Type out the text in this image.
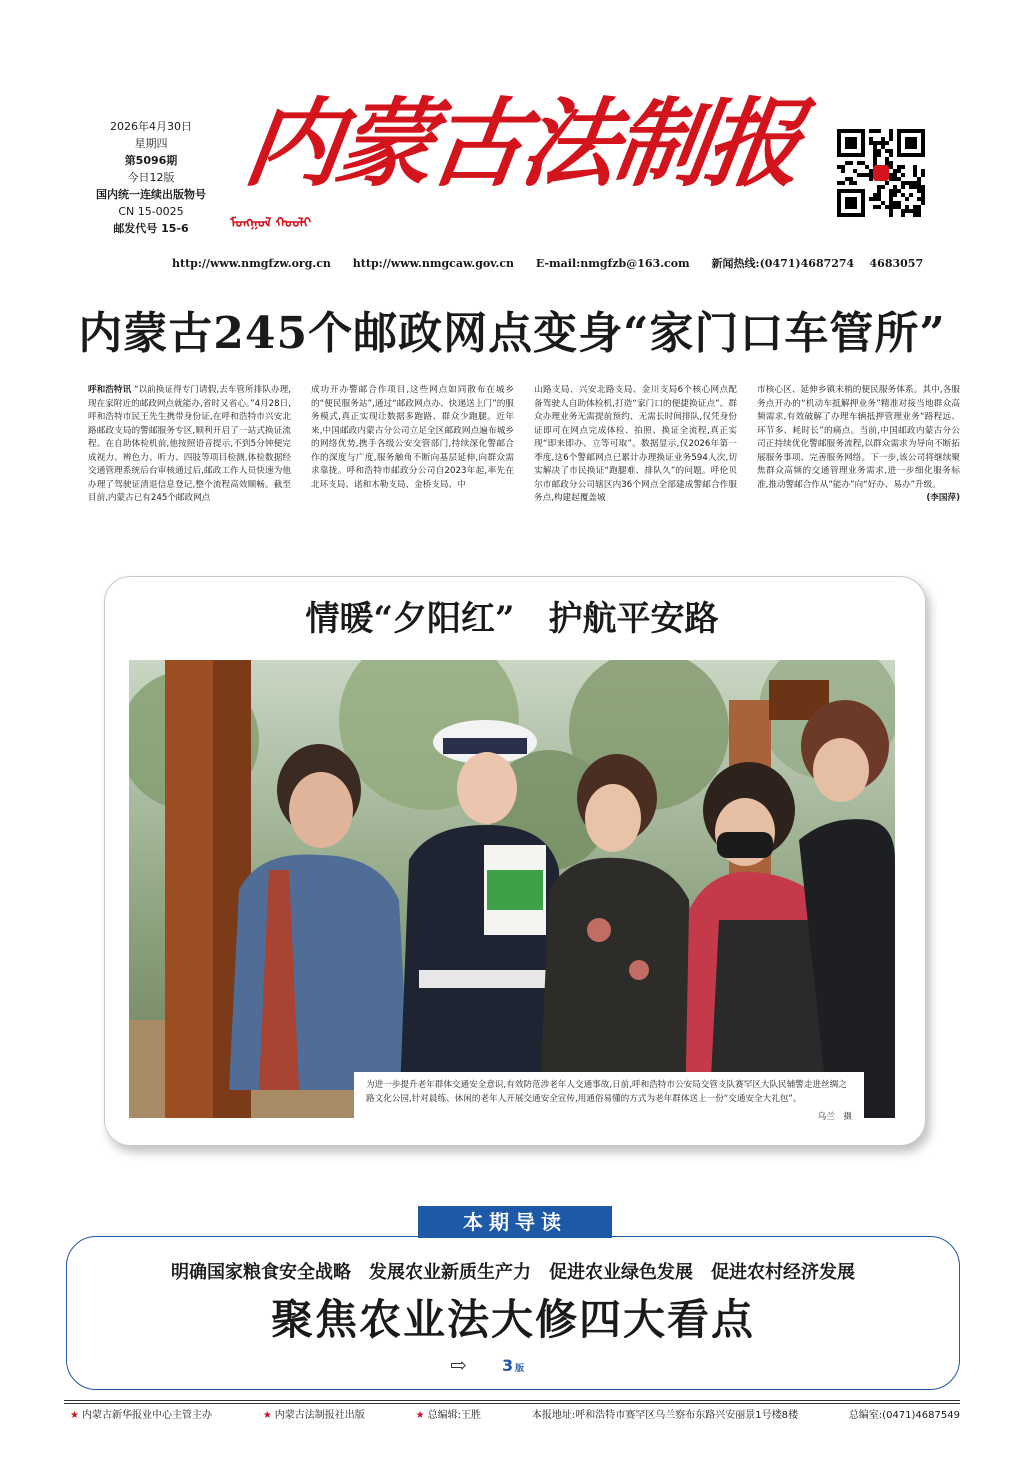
2026年4月30日
星期四
第5096期
今日12版
国内统一连续出版物号
CN 15-0025
邮发代号 15-6
内蒙古法制报
ᠮᠣᠩᠭᠣᠯ ᠬᠤᠤᠯᠢ
http://www.nmgfzw.org.cn http://www.nmgcaw.gov.cn E-mail:nmgfzb@163.com 新闻热线:(0471)4687274    4683057
内蒙古245个邮政网点变身“家门口车管所”
呼和浩特讯 “以前换证得专门请假,去车管所排队办理,现在家附近的邮政网点就能办,省时又省心。”4月28日,呼和浩特市民王先生携带身份证,在呼和浩特市兴安北路邮政支局的警邮服务专区,顺利开启了一站式换证流程。在自助体检机前,他按照语音提示,不到5分钟便完成视力、辨色力、听力、四肢等项目检测,体检数据经交通管理系统后台审核通过后,邮政工作人员快速为他办理了驾驶证清退信息登记,整个流程高效顺畅。截至目前,内蒙古已有245个邮政网点
成功开办警邮合作项目,这些网点如同散布在城乡的“便民服务站”,通过“邮政网点办、快递送上门”的服务模式,真正实现让数据多跑路、群众少跑腿。近年来,中国邮政内蒙古分公司立足全区邮政网点遍布城乡的网络优势,携手各级公安交管部门,持续深化警邮合作的深度与广度,服务触角不断向基层延伸,向群众需求靠拢。呼和浩特市邮政分公司自2023年起,率先在北环支局、诺和木勒支局、金桥支局、中
山路支局、兴安北路支局、金川支局6个核心网点配备驾驶人自助体检机,打造“家门口的便捷换证点”。群众办理业务无需提前预约、无需长时间排队,仅凭身份证即可在网点完成体检、拍照、换证全流程,真正实现“即来即办、立等可取”。数据显示,仅2026年第一季度,这6个警邮网点已累计办理换证业务594人次,切实解决了市民换证“跑腿难、排队久”的问题。呼伦贝尔市邮政分公司辖区内36个网点全部建成警邮合作服务点,构建起覆盖城
市核心区、延伸乡镇末梢的便民服务体系。其中,各服务点开办的“机动车抵解押业务”精准对接当地群众高频需求,有效破解了办理车辆抵押管理业务“路程远、环节多、耗时长”的痛点。当前,中国邮政内蒙古分公司正持续优化警邮服务流程,以群众需求为导向不断拓展服务事项、完善服务网络。下一步,该公司将继续聚焦群众高频的交通管理业务需求,进一步细化服务标准,推动警邮合作从“能办”向“好办、易办”升级。
(李国萍)
情暖“夕阳红”　护航平安路
为进一步提升老年群体交通安全意识,有效防范涉老年人交通事故,日前,呼和浩特市公安局交管支队赛罕区大队民辅警走进丝绸之路文化公园,针对晨练、休闲的老年人开展交通安全宣传,用通俗易懂的方式为老年群体送上一份“交通安全大礼包”。
乌兰　摄
本期导读
明确国家粮食安全战略　发展农业新质生产力　促进农业绿色发展　促进农村经济发展
聚焦农业法大修四大看点
⇨ 3 版
★ 内蒙古新华报业中心主管主办	★ 内蒙古法制报社出版	★ 总编辑:王胜	本报地址:呼和浩特市赛罕区乌兰察布东路兴安丽景1号楼8楼	总编室:(0471)4687549
